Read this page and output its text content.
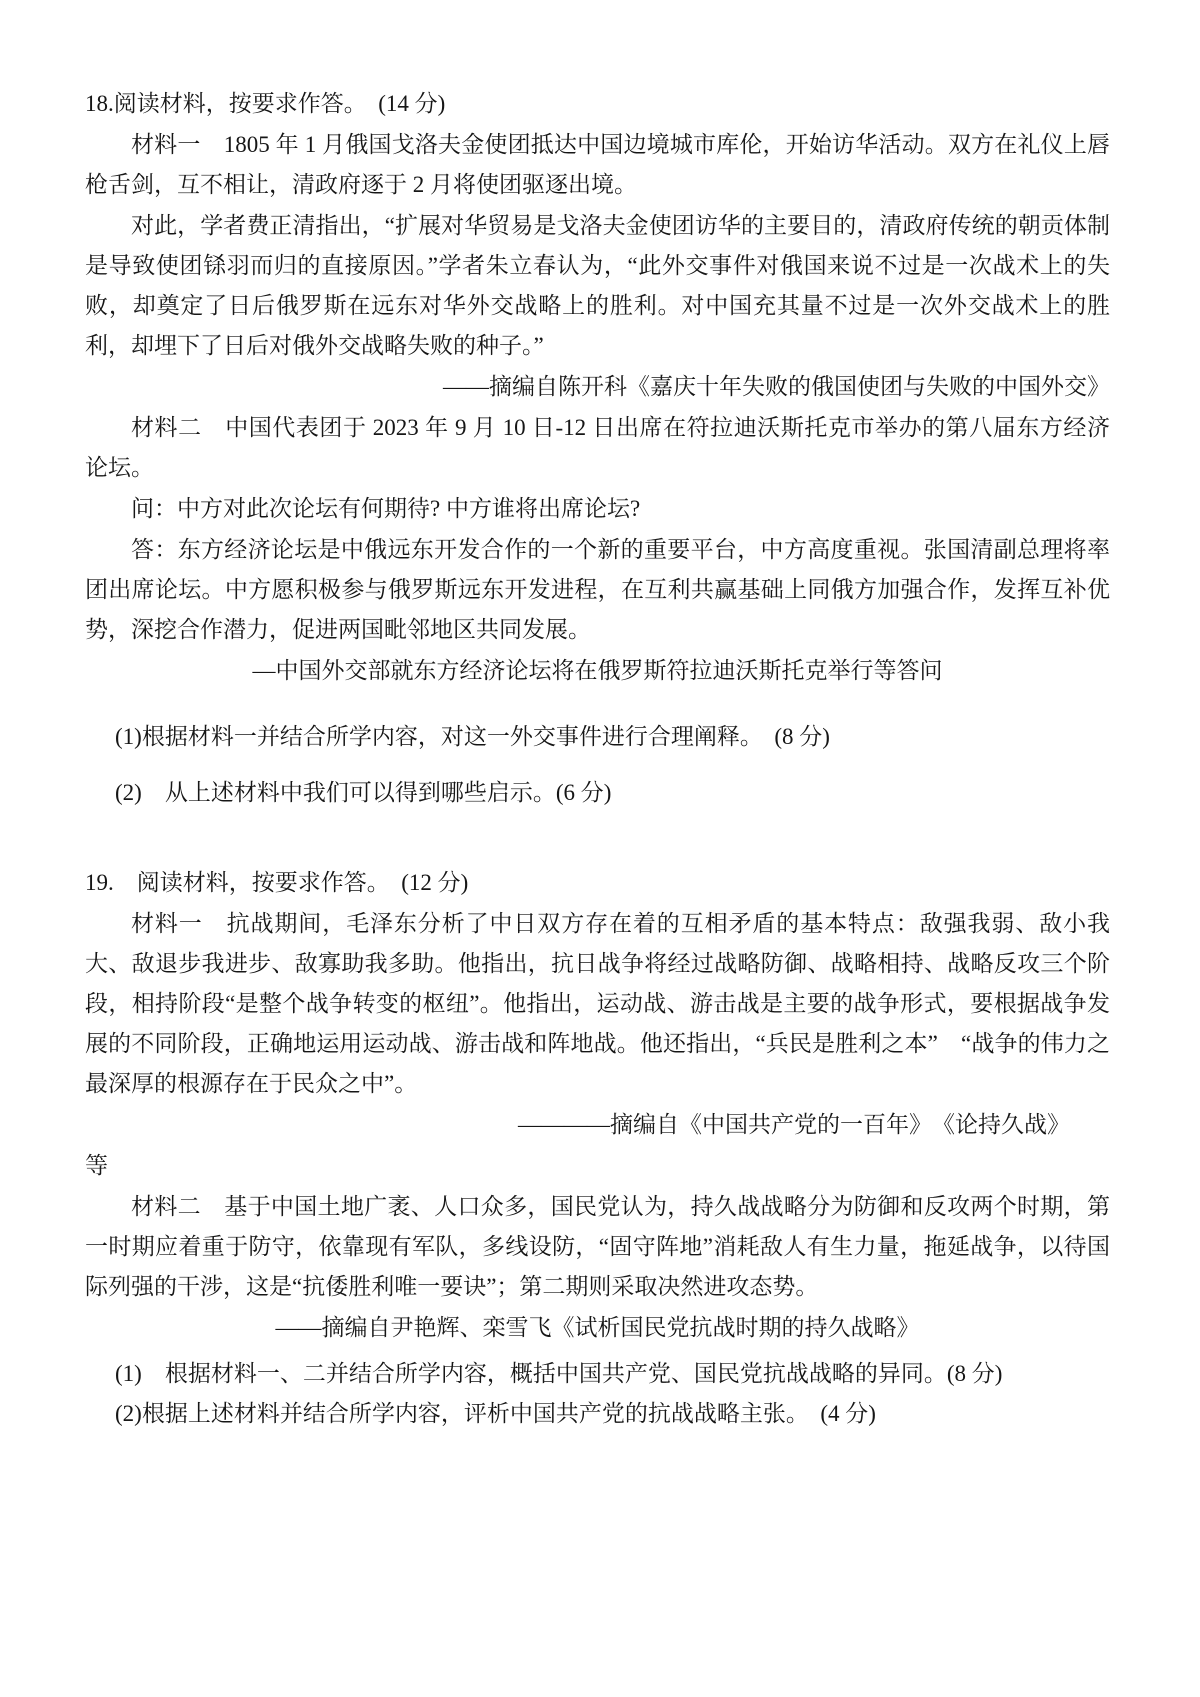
18.阅读材料，按要求作答。　(14 分)

材料一　1805 年 1 月俄国戈洛夫金使团抵达中国边境城市库伦，开始访华活动。双方在礼仪上唇枪舌剑，互不相让，清政府逐于 2 月将使团驱逐出境。

对此，学者费正清指出，“扩展对华贸易是戈洛夫金使团访华的主要目的，清政府传统的朝贡体制是导致使团铩羽而归的直接原因。”学者朱立春认为，“此外交事件对俄国来说不过是一次战术上的失败，却奠定了日后俄罗斯在远东对华外交战略上的胜利。对中国充其量不过是一次外交战术上的胜利，却埋下了日后对俄外交战略失败的种子。”

——摘编自陈开科《嘉庆十年失败的俄国使团与失败的中国外交》

材料二　中国代表团于 2023 年 9 月 10 日-12 日出席在符拉迪沃斯托克市举办的第八届东方经济论坛。

问：中方对此次论坛有何期待? 中方谁将出席论坛?

答：东方经济论坛是中俄远东开发合作的一个新的重要平台，中方高度重视。张国清副总理将率团出席论坛。中方愿积极参与俄罗斯远东开发进程，在互利共赢基础上同俄方加强合作，发挥互补优势，深挖合作潜力，促进两国毗邻地区共同发展。

—中国外交部就东方经济论坛将在俄罗斯符拉迪沃斯托克举行等答问

(1)根据材料一并结合所学内容，对这一外交事件进行合理阐释。　(8 分)

(2)　从上述材料中我们可以得到哪些启示。(6 分)

19.　阅读材料，按要求作答。　(12 分)

材料一　抗战期间，毛泽东分析了中日双方存在着的互相矛盾的基本特点：敌强我弱、敌小我大、敌退步我进步、敌寡助我多助。他指出，抗日战争将经过战略防御、战略相持、战略反攻三个阶段，相持阶段“是整个战争转变的枢纽”。他指出，运动战、游击战是主要的战争形式，要根据战争发展的不同阶段，正确地运用运动战、游击战和阵地战。他还指出，“兵民是胜利之本”　“战争的伟力之最深厚的根源存在于民众之中”。

————摘编自《中国共产党的一百年》　《论持久战》

等

材料二　基于中国土地广袤、人口众多，国民党认为，持久战战略分为防御和反攻两个时期，第一时期应着重于防守，依靠现有军队，多线设防，“固守阵地”消耗敌人有生力量，拖延战争，以待国际列强的干涉，这是“抗倭胜利唯一要诀”；第二期则采取决然进攻态势。

——摘编自尹艳辉、栾雪飞《试析国民党抗战时期的持久战略》

(1)　根据材料一、二并结合所学内容，概括中国共产党、国民党抗战战略的异同。(8 分)

(2)根据上述材料并结合所学内容，评析中国共产党的抗战战略主张。　(4 分)
